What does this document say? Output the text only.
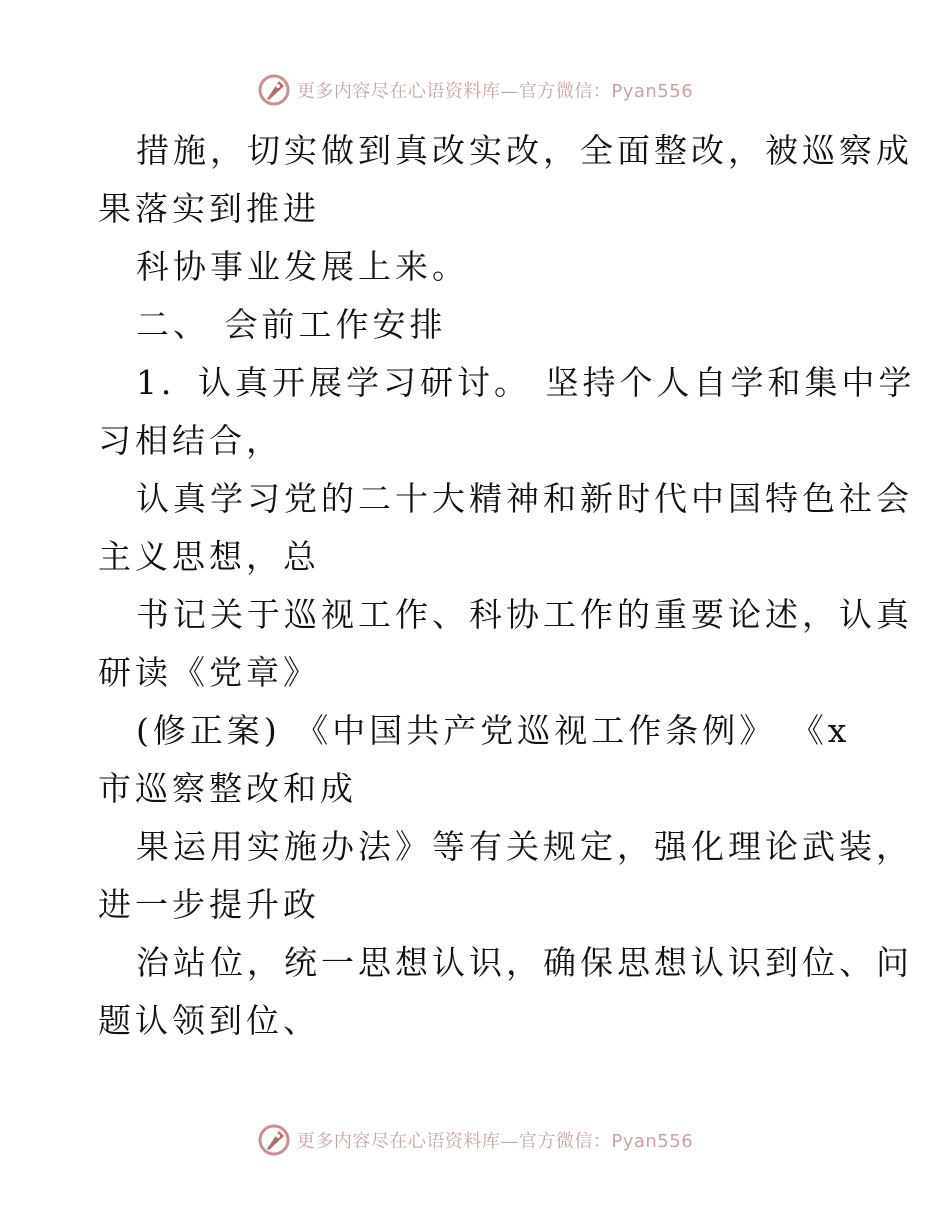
更多内容尽在心语资料库—官方微信：Pyan556
措施，切实做到真改实改，全面整改，被巡察成
果落实到推进
科协事业发展上来。
二、 会前工作安排
1．认真开展学习研讨。 坚持个人自学和集中学
习相结合，
认真学习党的二十大精神和新时代中国特色社会
主义思想，总
书记关于巡视工作、科协工作的重要论述，认真
研读《党章》
(修正案) 《中国共产党巡视工作条例》 《x
市巡察整改和成
果运用实施办法》等有关规定，强化理论武装，
进一步提升政
治站位，统一思想认识，确保思想认识到位、问
题认领到位、
更多内容尽在心语资料库—官方微信：Pyan556
